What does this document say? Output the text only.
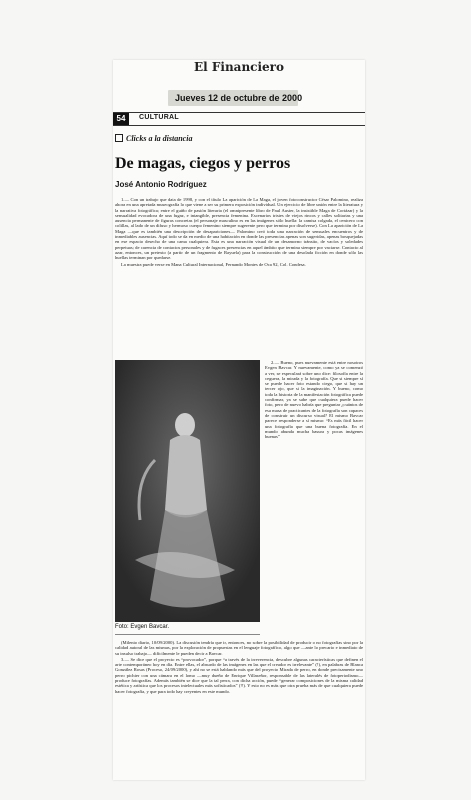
El Financiero
Jueves 12 de octubre de 2000
54	CULTURAL
Clicks a la distancia
De magas, ciegos y perros
José Antonio Rodríguez

1.— Con un trabajo que data de 1998, y con el título La aparición de La Maga, el joven fotoconstructor César Palomino, realiza ahora en una apretada museografía lo que viene a ser su primera exposición individual. Un ejercicio de libre unión entre la literatura y la narrativa fotográfica; entre el guiño de pasión literaria (el omnipresente libro de Paul Auster, la insistible Maga de Cortázar) y la sensualidad evocadora de una fugaz, e intangible, presencia femenina. Escenarios tristes de viejos rincos y calles solitarias y una ausencia permanente de figuras concretas (el personaje masculino es en las imágenes sólo huella: la camisa colgada, el cenicero con colillas, al lado de un difuso y hermoso cuerpo femenino siempre sugerente pero que termina por disolverse). Con La aparición de La Maga —que es también una descripción de desapariciones— Palomino creó toda una narración de sensuales encuentros y de inmediables ausencias. Aquí todo se da en medio de una habitación en donde las presencias apenas son sugeridas, apenas bosquejadas en ese espacio desecho de una cama cualquiera. Esta es una narración visual de un desamorno tránsito, de vacíos y soledades perpetuas; de carencia de contactos personales y de fugaces presencias en aquel ámbito que termina siempre por vaciarse. Contacto al azar, entonces, un pretexto (a partir de un fragmento de Rayuela) para la construcción de una desolada ficción en donde sólo las huellas terminan por quedarse.

La muestra puede verse en Mana Cultural Internacional, Fernando Montes de Oca 92, Col. Condesa.

Foto: Evgen Bavcar.

2.— Bueno, pues nuevamente está entre nosotros Evgen Bavcar. Y nuevamente, como ya se comenzó a ver, se especulará sobre uno dice: filosofía entre la ceguera, la mirada y la fotografía. Que si siempre sí se puede hacer foto estando ciego, que si hay un tercer ojo, que si la imaginación. Y bueno, como toda la historia de la manifestación fotográfica puede confirmar, ya se sabe que cualquiera puede hacer foto, pero de nuevo habría que preguntar ¿cuántos de esa masa de practicantes de la fotografía son capaces de construir un discurso visual? El mismo Bavcar parece responderse a sí mismo: “Es más fácil hacer una fotografía que una buena fotografía. En el mundo abunda mucha basura y pocas imágenes buenas”

(Milenio diario, 10/09/2000). La discusión tendría que ir, entonces, no sobre la posibilidad de producir o no fotografías sino por la calidad autoral de las mismas, por la exploración de propuestas en el lenguaje fotográfico, algo que —ante lo precario e inmediato de su insulso trabajo— difícilmente le pueden decir a Bavcar.

3.— Se dice que el proyecto es “provocador”, porque “a través de la irreverencia, descubre algunas características que definen el arte contemporáneo hoy en día. Entre ellas, el absurdo de las imágenes en las que el creador es irrelevante” (!), en palabras de Blanca González Rosas (Proceso, 24/09/2000), y ahí no se está hablando más que del proyecto Mirada de perro, en donde precisamente uno perro pichier con una cámara en el lomo —muy dueño de Enrique Villaseñor, responsable de las lateralés de fotoperiodismo— produce fotografías. Además también se dice que la tal perra, con dicha acción, puede “generar composiciones de la misma calidad estética y artística que los procesos intelectuales más sofisticados” (!!). Y esto no es más que otra prueba más de que cualquiera puede hacer fotografía, y que para todo hay creyentes en este mundo.
